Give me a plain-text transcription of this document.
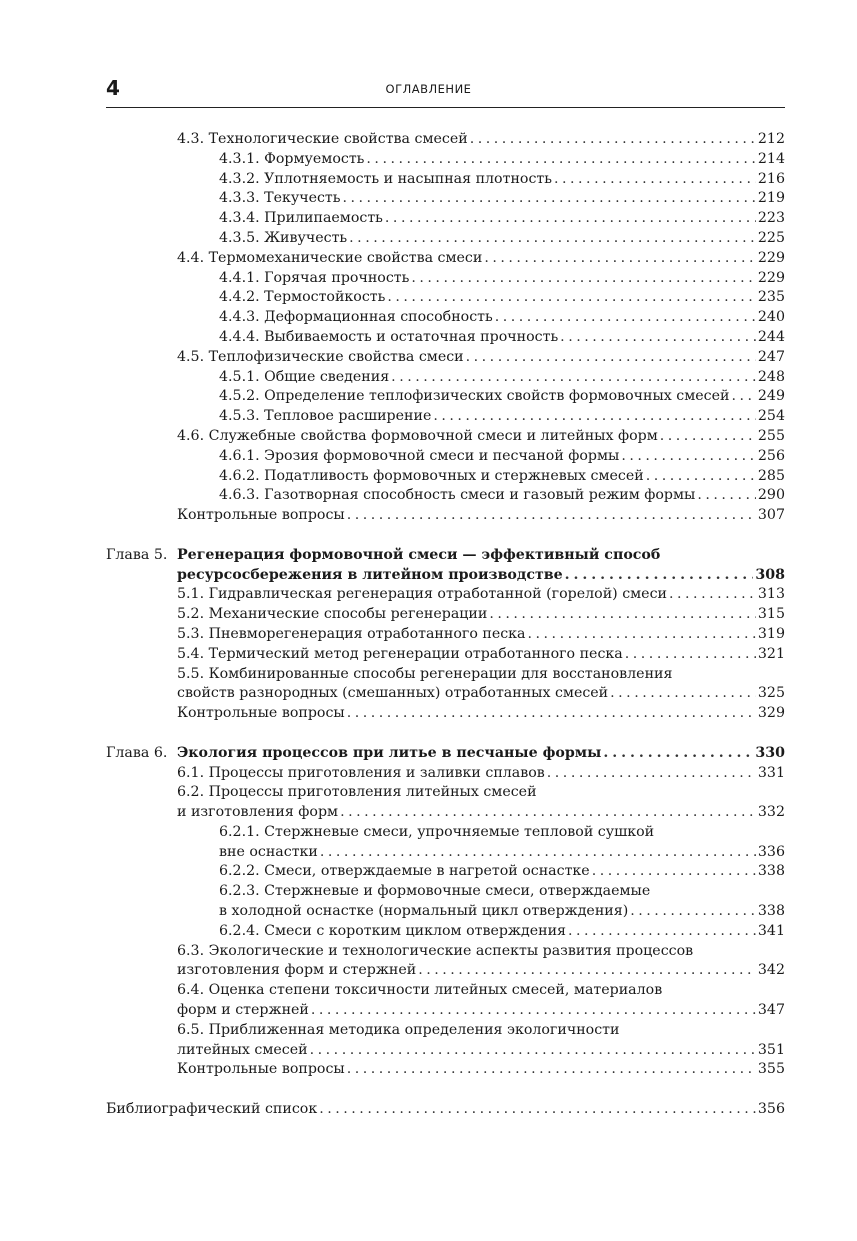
4	ОГЛАВЛЕНИЕ
4.3. Технологические свойства смесей . . .	212
4.3.1. Формуемость . . .	214
4.3.2. Уплотняемость и насыпная плотность . . .	216
4.3.3. Текучесть . . .	219
4.3.4. Прилипаемость . . .	223
4.3.5. Живучесть . . .	225
4.4. Термомеханические свойства смеси . . .	229
4.4.1. Горячая прочность . . .	229
4.4.2. Термостойкость . . .	235
4.4.3. Деформационная способность . . .	240
4.4.4. Выбиваемость и остаточная прочность . . .	244
4.5. Теплофизические свойства смеси . . .	247
4.5.1. Общие сведения . . .	248
4.5.2. Определение теплофизических свойств формовочных смесей . . . 249
4.5.3. Тепловое расширение . . .	254
4.6. Служебные свойства формовочной смеси и литейных форм . . .	255
4.6.1. Эрозия формовочной смеси и песчаной формы . . .	256
4.6.2. Податливость формовочных и стержневых смесей . . .	285
4.6.3. Газотворная способность смеси и газовый режим формы . . .	290
Контрольные вопросы . . .	307
Глава 5. Регенерация формовочной смеси — эффективный способ
ресурсосбережения в литейном производстве . . .	308
5.1. Гидравлическая регенерация отработанной (горелой) смеси . . .	313
5.2. Механические способы регенерации . . .	315
5.3. Пневморегенерация отработанного песка . . .	319
5.4. Термический метод регенерации отработанного песка . . .	321
5.5. Комбинированные способы регенерации для восстановления
свойств разнородных (смешанных) отработанных смесей . . .	325
Контрольные вопросы . . .	329
Глава 6. Экология процессов при литье в песчаные формы . . .	330
6.1. Процессы приготовления и заливки сплавов . . .	331
6.2. Процессы приготовления литейных смесей
и изготовления форм . . .	332
6.2.1. Стержневые смеси, упрочняемые тепловой сушкой
вне оснастки . . .	336
6.2.2. Смеси, отверждаемые в нагретой оснастке . . .	338
6.2.3. Стержневые и формовочные смеси, отверждаемые
в холодной оснастке (нормальный цикл отверждения) . . .	338
6.2.4. Смеси с коротким циклом отверждения . . .	341
6.3. Экологические и технологические аспекты развития процессов
изготовления форм и стержней . . .	342
6.4. Оценка степени токсичности литейных смесей, материалов
форм и стержней . . .	347
6.5. Приближенная методика определения экологичности
литейных смесей . . .	351
Контрольные вопросы . . .	355
Библиографический список . . .	356
